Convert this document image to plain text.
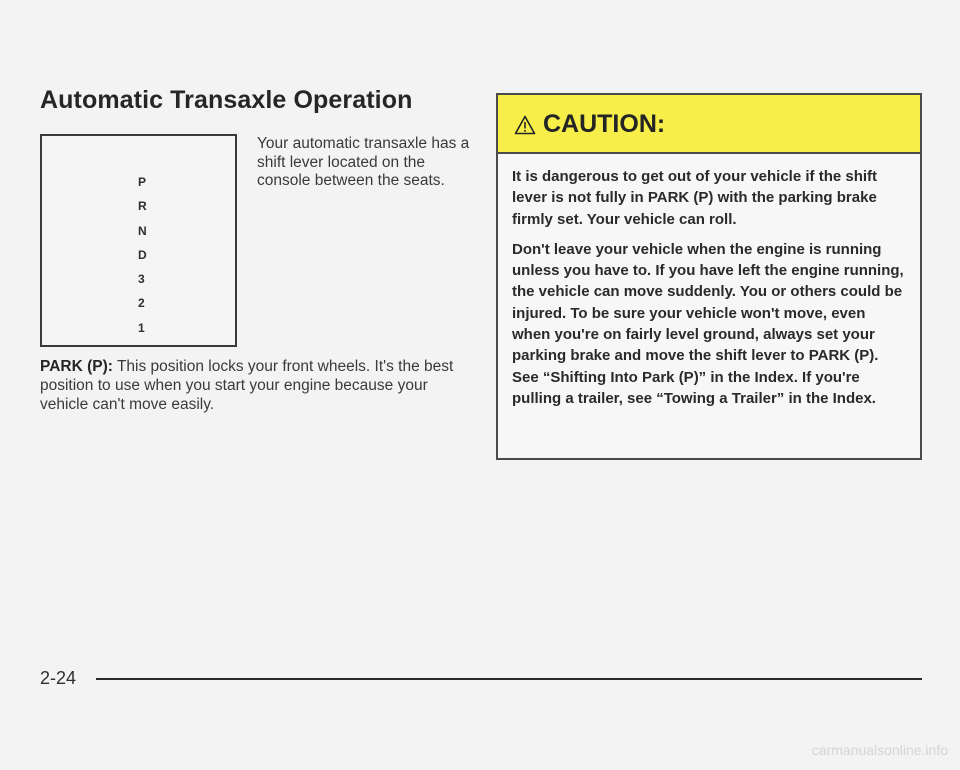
Automatic Transaxle Operation
P
R
N
D
3
2
1
Your automatic transaxle has a shift lever located on the console between the seats.
PARK (P): This position locks your front wheels. It's the best position to use when you start your engine because your vehicle can't move easily.
CAUTION:

It is dangerous to get out of your vehicle if the shift lever is not fully in PARK (P) with the parking brake firmly set. Your vehicle can roll.

Don't leave your vehicle when the engine is running unless you have to. If you have left the engine running, the vehicle can move suddenly. You or others could be injured. To be sure your vehicle won't move, even when you're on fairly level ground, always set your parking brake and move the shift lever to PARK (P). See “Shifting Into Park (P)” in the Index. If you're pulling a trailer, see “Towing a Trailer” in the Index.

2-24
carmanualsonline.info
